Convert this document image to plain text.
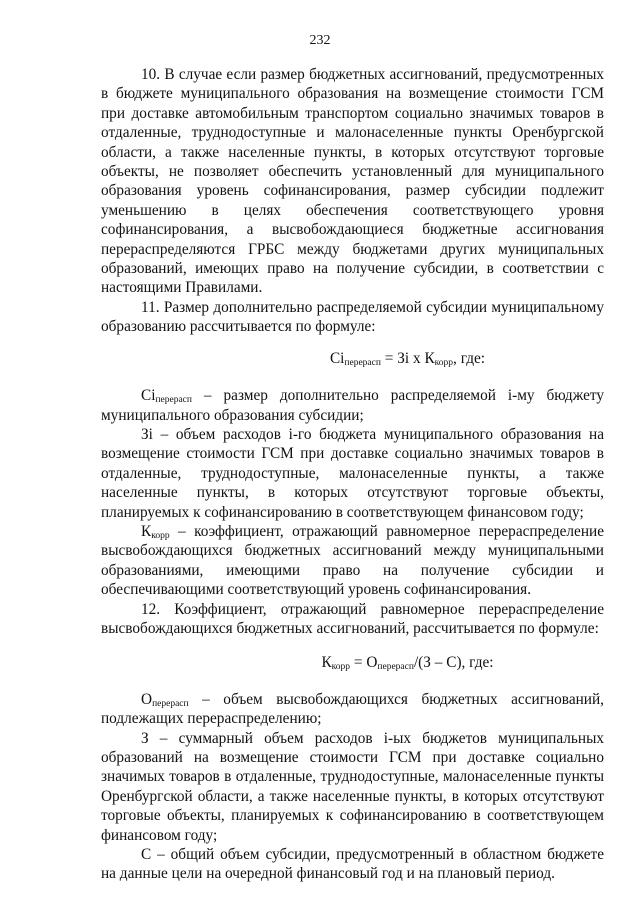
232

10. В случае если размер бюджетных ассигнований, предусмотренных в бюджете муниципального образования на возмещение стоимости ГСМ при доставке автомобильным транспортом социально значимых товаров в отдаленные, труднодоступные и малонаселенные пункты Оренбургской области, а также населенные пункты, в которых отсутствуют торговые объекты, не позволяет обеспечить установленный для муниципального образования уровень софинансирования, размер субсидии подлежит уменьшению в целях обеспечения соответствующего уровня софинансирования, а высвобождающиеся бюджетные ассигнования перераспределяются ГРБС между бюджетами других муниципальных образований, имеющих право на получение субсидии, в соответствии с настоящими Правилами.

11. Размер дополнительно распределяемой субсидии муниципальному образованию рассчитывается по формуле:

$Ci_{перерасп}$ = Зi x $К_{корр}$, где:

$Ci_{перерасп}$ – размер дополнительно распределяемой i-му бюджету муниципального образования субсидии;

Зi – объем расходов i-го бюджета муниципального образования на возмещение стоимости ГСМ при доставке социально значимых товаров в отдаленные, труднодоступные, малонаселенные пункты, а также населенные пункты, в которых отсутствуют торговые объекты, планируемых к софинансированию в соответствующем финансовом году;

$К_{корр}$ – коэффициент, отражающий равномерное перераспределение высвобождающихся бюджетных ассигнований между муниципальными образованиями, имеющими право на получение субсидии и обеспечивающими соответствующий уровень софинансирования.

12. Коэффициент, отражающий равномерное перераспределение высвобождающихся бюджетных ассигнований, рассчитывается по формуле:

$К_{корр} = О_{перерасп}/(З - С)$, где:

$О_{перерасп}$ – объем высвобождающихся бюджетных ассигнований, подлежащих перераспределению;

З – суммарный объем расходов i-ых бюджетов муниципальных образований на возмещение стоимости ГСМ при доставке социально значимых товаров в отдаленные, труднодоступные, малонаселенные пункты Оренбургской области, а также населенные пункты, в которых отсутствуют торговые объекты, планируемых к софинансированию в соответствующем финансовом году;

С – общий объем субсидии, предусмотренный в областном бюджете на данные цели на очередной финансовый год и на плановый период.
